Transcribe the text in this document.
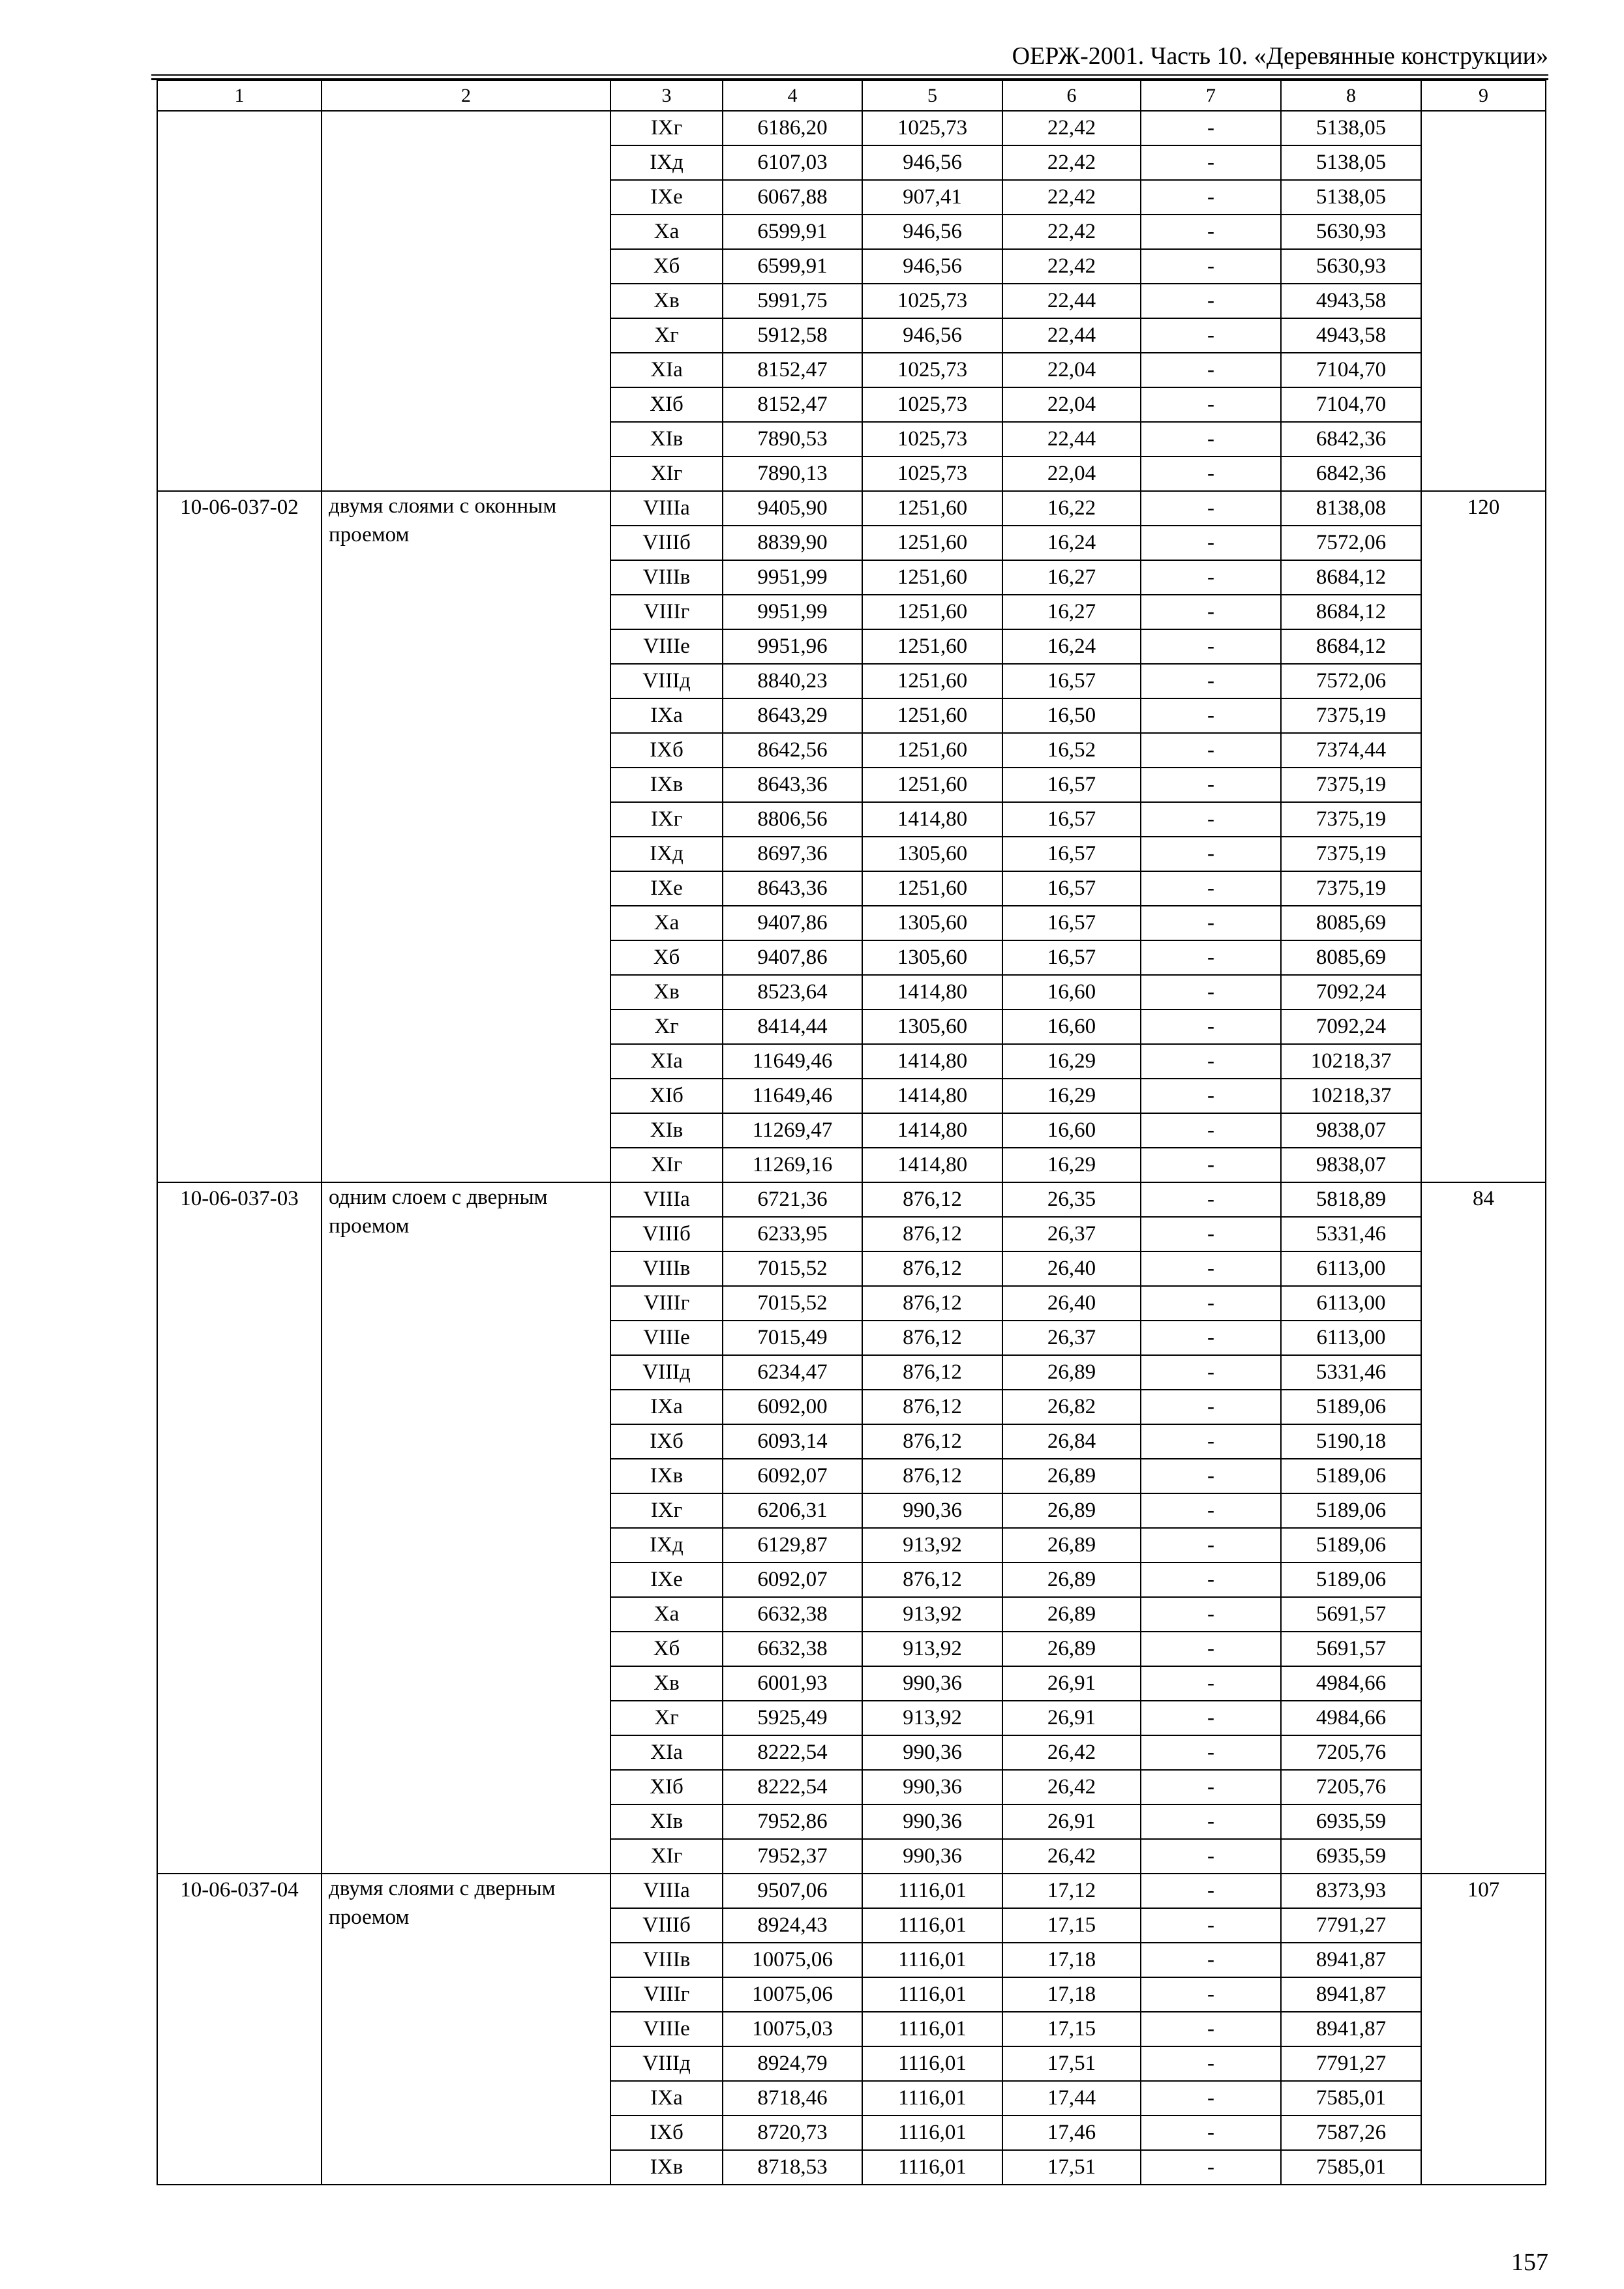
ОЕРЖ-2001. Часть 10. «Деревянные конструкции»
1	2	3	4	5	6	7	8	9
		IXг	6186,20	1025,73	22,42	-	5138,05	
		IXд	6107,03	946,56	22,42	-	5138,05	
		IXе	6067,88	907,41	22,42	-	5138,05	
		Xа	6599,91	946,56	22,42	-	5630,93	
		Xб	6599,91	946,56	22,42	-	5630,93	
		Xв	5991,75	1025,73	22,44	-	4943,58	
		Xг	5912,58	946,56	22,44	-	4943,58	
		XIа	8152,47	1025,73	22,04	-	7104,70	
		XIб	8152,47	1025,73	22,04	-	7104,70	
		XIв	7890,53	1025,73	22,44	-	6842,36	
		XIг	7890,13	1025,73	22,04	-	6842,36	
10-06-037-02	двумя слоями с оконным проемом	VIIIа	9405,90	1251,60	16,22	-	8138,08	120
		VIIIб	8839,90	1251,60	16,24	-	7572,06	
		VIIIв	9951,99	1251,60	16,27	-	8684,12	
		VIIIг	9951,99	1251,60	16,27	-	8684,12	
		VIIIе	9951,96	1251,60	16,24	-	8684,12	
		VIIIд	8840,23	1251,60	16,57	-	7572,06	
		IXа	8643,29	1251,60	16,50	-	7375,19	
		IXб	8642,56	1251,60	16,52	-	7374,44	
		IXв	8643,36	1251,60	16,57	-	7375,19	
		IXг	8806,56	1414,80	16,57	-	7375,19	
		IXд	8697,36	1305,60	16,57	-	7375,19	
		IXе	8643,36	1251,60	16,57	-	7375,19	
		Xа	9407,86	1305,60	16,57	-	8085,69	
		Xб	9407,86	1305,60	16,57	-	8085,69	
		Xв	8523,64	1414,80	16,60	-	7092,24	
		Xг	8414,44	1305,60	16,60	-	7092,24	
		XIа	11649,46	1414,80	16,29	-	10218,37	
		XIб	11649,46	1414,80	16,29	-	10218,37	
		XIв	11269,47	1414,80	16,60	-	9838,07	
		XIг	11269,16	1414,80	16,29	-	9838,07	
10-06-037-03	одним слоем с дверным проемом	VIIIа	6721,36	876,12	26,35	-	5818,89	84
		VIIIб	6233,95	876,12	26,37	-	5331,46	
		VIIIв	7015,52	876,12	26,40	-	6113,00	
		VIIIг	7015,52	876,12	26,40	-	6113,00	
		VIIIе	7015,49	876,12	26,37	-	6113,00	
		VIIIд	6234,47	876,12	26,89	-	5331,46	
		IXа	6092,00	876,12	26,82	-	5189,06	
		IXб	6093,14	876,12	26,84	-	5190,18	
		IXв	6092,07	876,12	26,89	-	5189,06	
		IXг	6206,31	990,36	26,89	-	5189,06	
		IXд	6129,87	913,92	26,89	-	5189,06	
		IXе	6092,07	876,12	26,89	-	5189,06	
		Xа	6632,38	913,92	26,89	-	5691,57	
		Xб	6632,38	913,92	26,89	-	5691,57	
		Xв	6001,93	990,36	26,91	-	4984,66	
		Xг	5925,49	913,92	26,91	-	4984,66	
		XIа	8222,54	990,36	26,42	-	7205,76	
		XIб	8222,54	990,36	26,42	-	7205,76	
		XIв	7952,86	990,36	26,91	-	6935,59	
		XIг	7952,37	990,36	26,42	-	6935,59	
10-06-037-04	двумя слоями с дверным проемом	VIIIа	9507,06	1116,01	17,12	-	8373,93	107
		VIIIб	8924,43	1116,01	17,15	-	7791,27	
		VIIIв	10075,06	1116,01	17,18	-	8941,87	
		VIIIг	10075,06	1116,01	17,18	-	8941,87	
		VIIIе	10075,03	1116,01	17,15	-	8941,87	
		VIIIд	8924,79	1116,01	17,51	-	7791,27	
		IXа	8718,46	1116,01	17,44	-	7585,01	
		IXб	8720,73	1116,01	17,46	-	7587,26	
		IXв	8718,53	1116,01	17,51	-	7585,01	
157
